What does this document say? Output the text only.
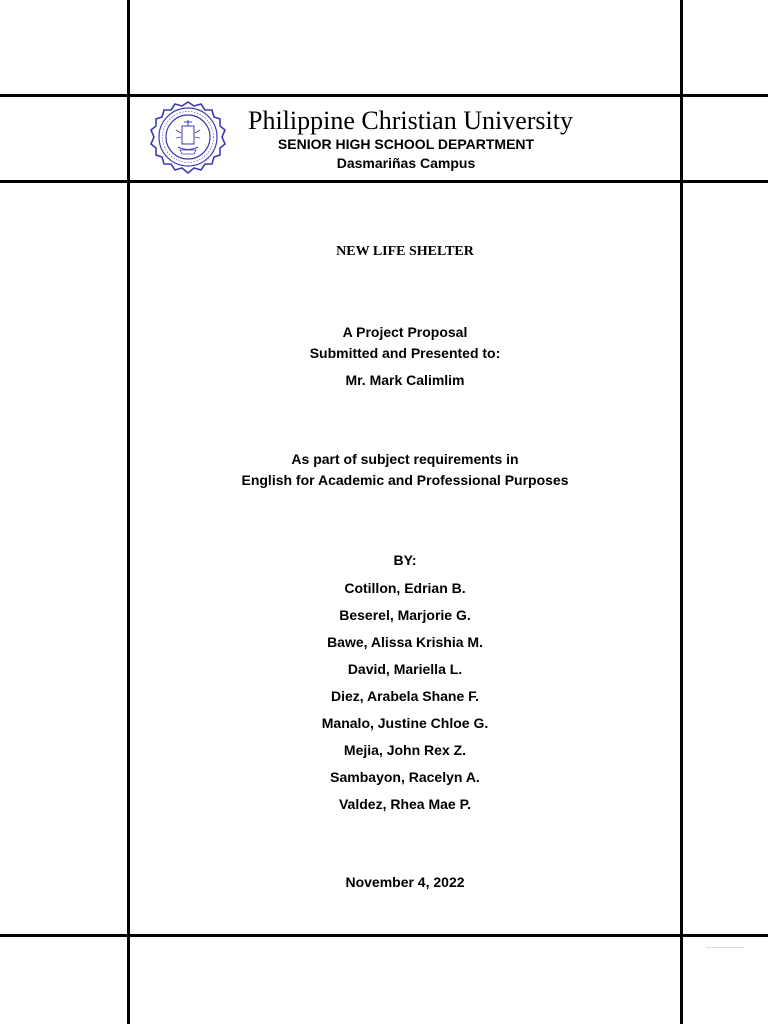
Philippine Christian University
SENIOR HIGH SCHOOL DEPARTMENT
Dasmariñas Campus
NEW LIFE SHELTER
A Project Proposal
Submitted and Presented to:
Mr. Mark Calimlim
As part of subject requirements in
English for Academic and Professional Purposes
BY:
Cotillon, Edrian B.
Beserel, Marjorie G.
Bawe, Alissa Krishia M.
David, Mariella L.
Diez, Arabela Shane F.
Manalo, Justine Chloe G.
Mejia, John Rex Z.
Sambayon, Racelyn A.
Valdez, Rhea Mae P.
November 4, 2022
